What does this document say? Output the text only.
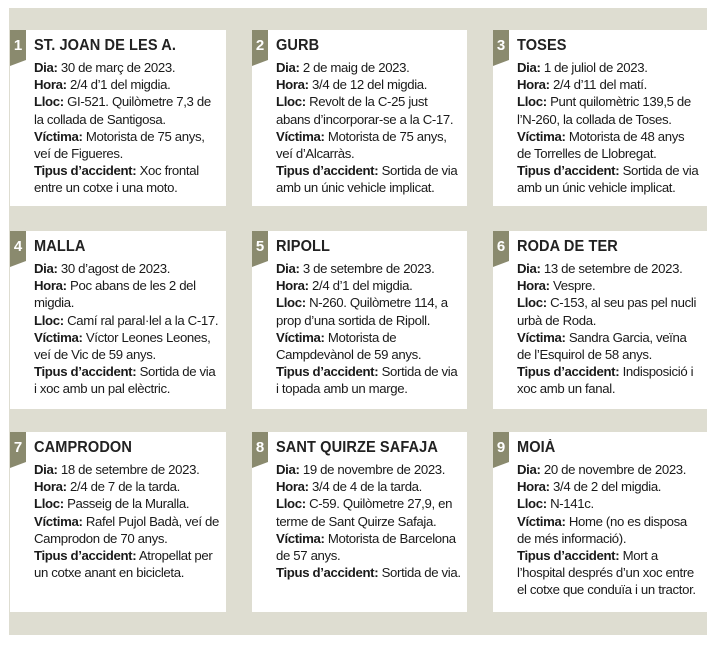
1 ST. JOAN DE LES A.

Dia: 30 de març de 2023.

Hora: 2/4 d’1 del migdia.

Lloc: GI-521. Quilòmetre 7,3 de la collada de Santigosa.

Víctima: Motorista de 75 anys, veí de Figueres.

Tipus d’accident: Xoc frontal entre un cotxe i una moto.

2 GURB

Dia: 2 de maig de 2023.

Hora: 3/4 de 12 del migdia.

Lloc: Revolt de la C-25 just abans d’incorporar-se a la C-17.

Víctima: Motorista de 75 anys, veí d’Alcarràs.

Tipus d’accident: Sortida de via amb un únic vehicle implicat.

3 TOSES

Dia: 1 de juliol de 2023.

Hora: 2/4 d’11 del matí.

Lloc: Punt quilomètric 139,5 de l’N-260, la collada de Toses.

Víctima: Motorista de 48 anys de Torrelles de Llobregat.

Tipus d’accident: Sortida de via amb un únic vehicle implicat.

4 MALLA

Dia: 30 d’agost de 2023.

Hora: Poc abans de les 2 del migdia.

Lloc: Camí ral paral·lel a la C-17.

Víctima: Víctor Leones Leones, veí de Vic de 59 anys.

Tipus d’accident: Sortida de via i xoc amb un pal elèctric.

5 RIPOLL

Dia: 3 de setembre de 2023.

Hora: 2/4 d’1 del migdia.

Lloc: N-260. Quilòmetre 114, a prop d’una sortida de Ripoll.

Víctima: Motorista de Campdevànol de 59 anys.

Tipus d’accident: Sortida de via i topada amb un marge.

6 RODA DE TER

Dia: 13 de setembre de 2023.

Hora: Vespre.

Lloc: C-153, al seu pas pel nucli urbà de Roda.

Víctima: Sandra Garcia, veïna de l’Esquirol de 58 anys.

Tipus d’accident: Indisposició i xoc amb un fanal.

7 CAMPRODON

Dia: 18 de setembre de 2023.

Hora: 2/4 de 7 de la tarda.

Lloc: Passeig de la Muralla.

Víctima: Rafel Pujol Badà, veí de Camprodon de 70 anys.

Tipus d’accident: Atropellat per un cotxe anant en bicicleta.

8 SANT QUIRZE SAFAJA

Dia: 19 de novembre de 2023.

Hora: 3/4 de 4 de la tarda.

Lloc: C-59. Quilòmetre 27,9, en terme de Sant Quirze Safaja.

Víctima: Motorista de Barcelona de 57 anys.

Tipus d’accident: Sortida de via.

9 MOIÀ

Dia: 20 de novembre de 2023.

Hora: 3/4 de 2 del migdia.

Lloc: N-141c.

Víctima: Home (no es disposa de més informació).

Tipus d’accident: Mort a l’hospital després d’un xoc entre el cotxe que conduïa i un tractor.
